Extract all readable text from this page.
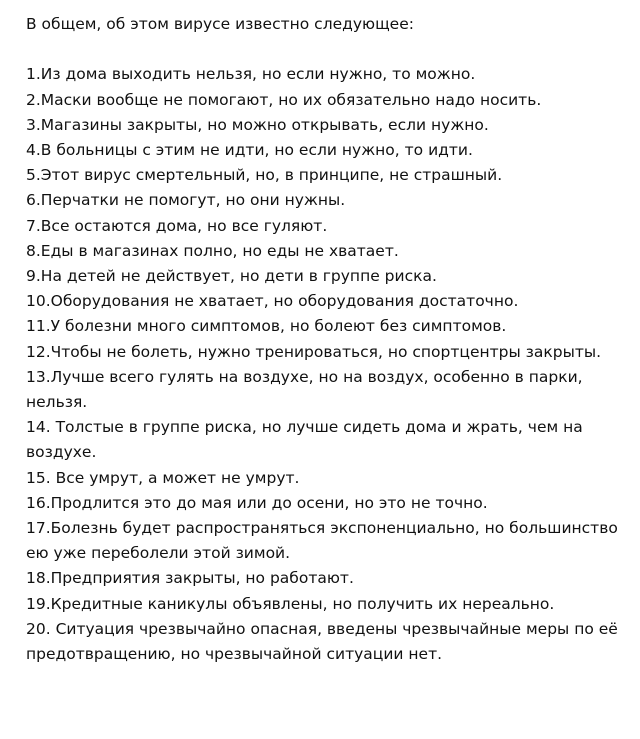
В общем, об этом вирусе известно следующее:

1.Из дома выходить нельзя, но если нужно, то можно.
2.Маски вообще не помогают, но их обязательно надо носить.
3.Магазины закрыты, но можно открывать, если нужно.
4.В больницы с этим не идти, но если нужно, то идти.
5.Этот вирус смертельный, но, в принципе, не страшный.
6.Перчатки не помогут, но они нужны.
7.Все остаются дома, но все гуляют.
8.Еды в магазинах полно, но еды не хватает.
9.На детей не действует, но дети в группе риска.
10.Оборудования не хватает, но оборудования достаточно.
11.У болезни много симптомов, но болеют без симптомов.
12.Чтобы не болеть, нужно тренироваться, но спортцентры закрыты.
13.Лучше всего гулять на воздухе, но на воздух, особенно в парки, нельзя.
14. Толстые в группе риска, но лучше сидеть дома и жрать, чем на воздухе.
15. Все умрут, а может не умрут.
16.Продлится это до мая или до осени, но это не точно.
17.Болезнь будет распространяться экспоненциально, но большинство ею уже переболели этой зимой.
18.Предприятия закрыты, но работают.
19.Кредитные каникулы объявлены, но получить их нереально.
20. Ситуация чрезвычайно опасная, введены чрезвычайные меры по её предотвращению, но чрезвычайной ситуации нет.
